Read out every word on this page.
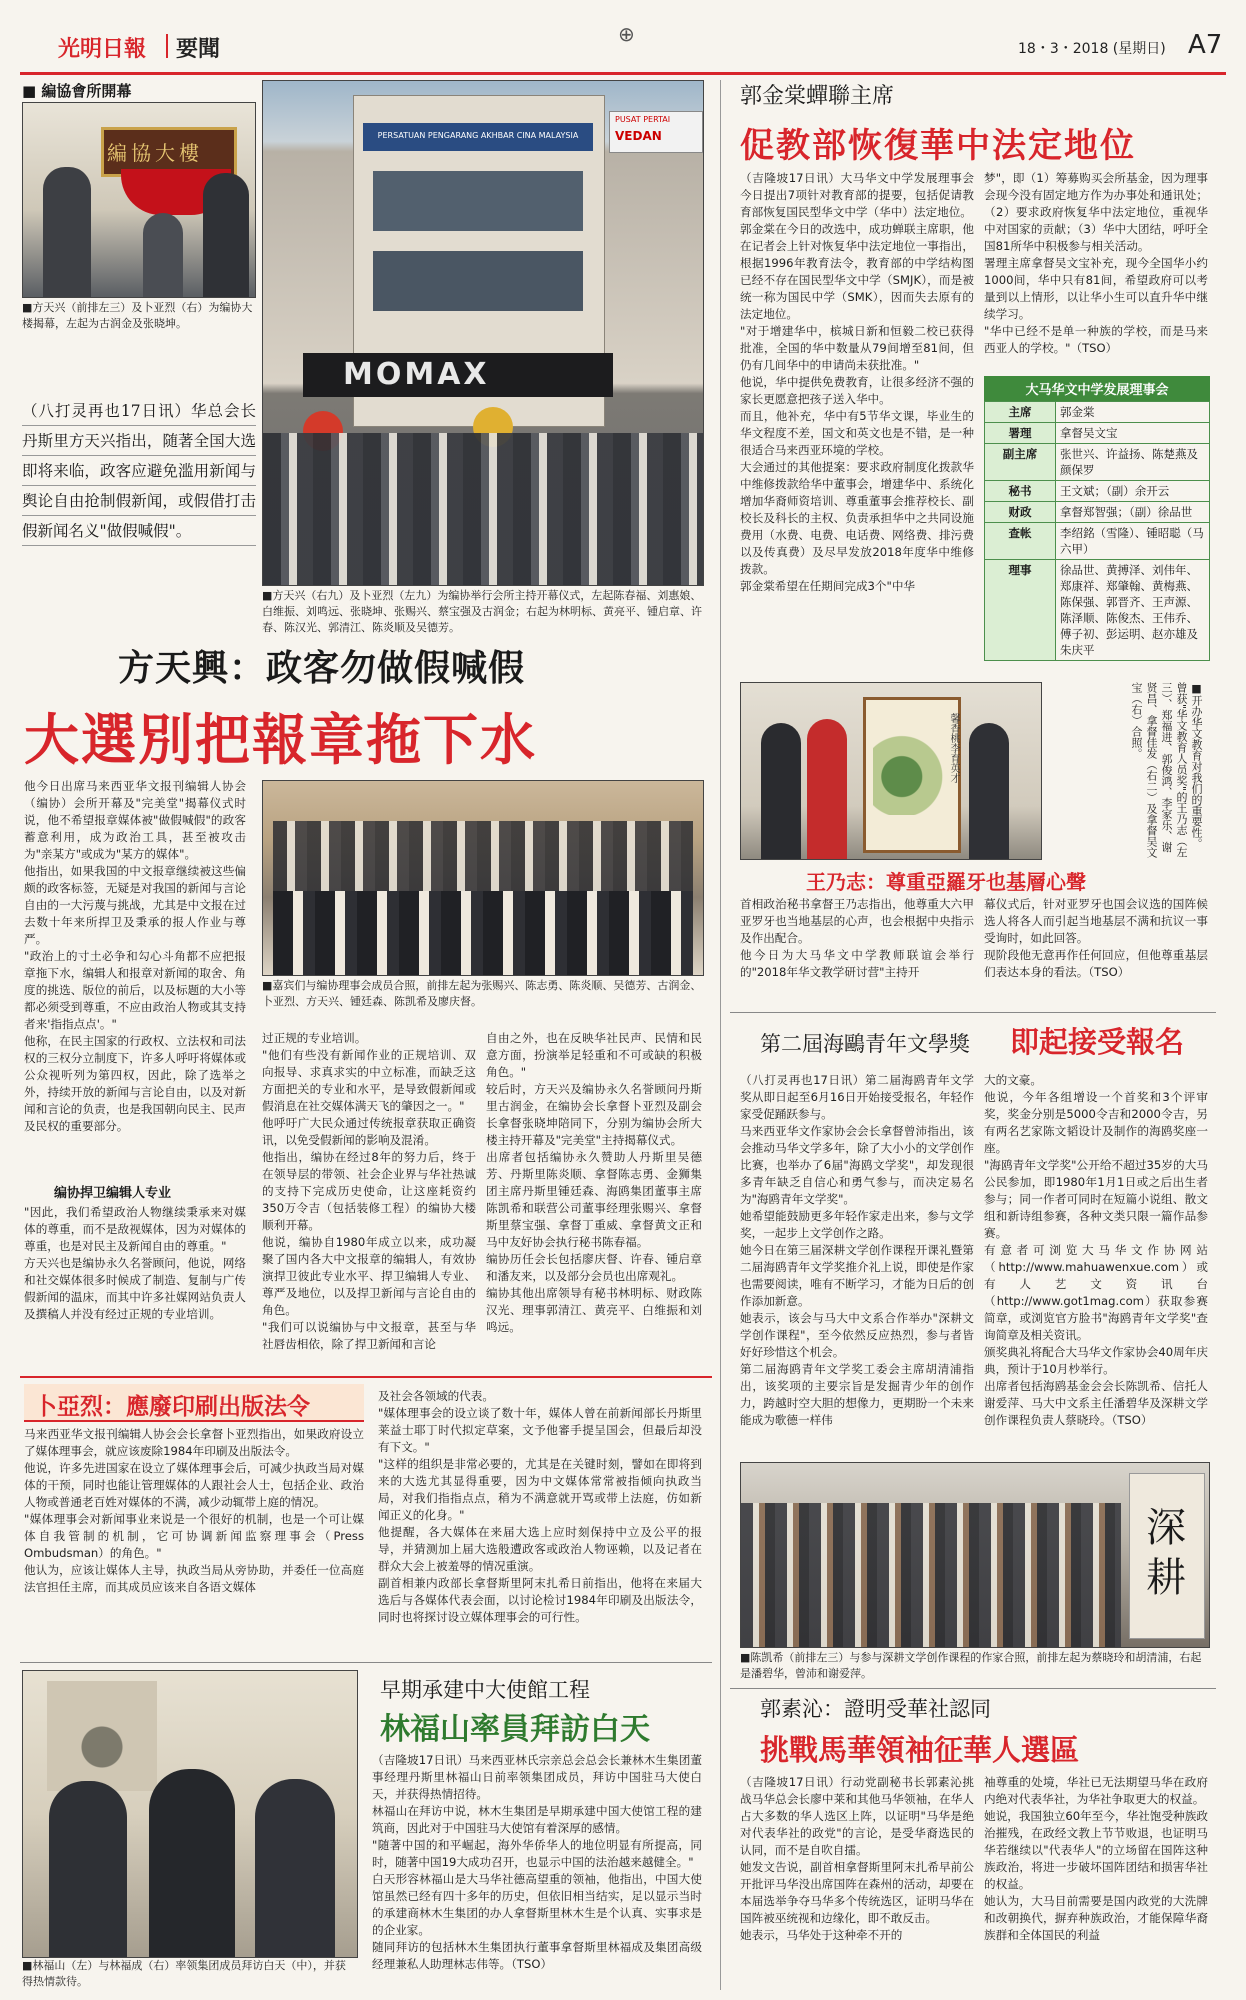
光明日報 要聞
⊕
18・3・2018 (星期日) A7
■ 編協會所開幕
編協大樓
■方天兴（前排左三）及卜亚烈（右）为编协大楼揭幕，左起为古润金及张晓坤。
PERSATUAN PENGARANG AKHBAR CINA MALAYSIA
PUSAT PERTAI
VEDAN
MOMAX
■方天兴（右九）及卜亚烈（左九）为编协举行会所主持开幕仪式，左起陈春福、刘惠娘、白维振、刘鸣远、张晓坤、张赐兴、蔡宝强及古润金；右起为林明标、黄亮平、锺启章、许春、陈汉光、郭清江、陈炎顺及吴德芳。
（八打灵再也17日讯）华总会长丹斯里方天兴指出，随著全国大选即将来临，政客应避免滥用新闻与舆论自由抢制假新闻，或假借打击假新闻名义"做假喊假"。
方天興：政客勿做假喊假
大選別把報章拖下水
他今日出席马来西亚华文报刊编辑人协会（编协）会所开幕及"完美堂"揭幕仪式时说，他不希望报章媒体被"做假喊假"的政客蓄意利用，成为政治工具，甚至被攻击为"亲某方"或成为"某方的媒体"。
他指出，如果我国的中文报章继续被这些偏颇的政客标签，无疑是对我国的新闻与言论自由的一大污蔑与挑战，尤其是中文报在过去数十年来所捍卫及秉承的报人作业与尊严。
"政治上的寸土必争和勾心斗角都不应把报章拖下水，编辑人和报章对新闻的取舍、角度的挑选、版位的前后，以及标题的大小等都必须受到尊重，不应由政治人物或其支持者来'指指点点'。"
他称，在民主国家的行政权、立法权和司法权的三权分立制度下，许多人呼吁将媒体或公众视听列为第四权，因此，除了选举之外，持续开放的新闻与言论自由，以及对新闻和言论的负责，也是我国朝向民主、民声及民权的重要部分。
编协捍卫编辑人专业
"因此，我们希望政治人物继续秉承来对媒体的尊重，而不是敌视媒体，因为对媒体的尊重，也是对民主及新闻自由的尊重。"
方天兴也是编协永久名誉顾问，他说，网络和社交媒体很多时候成了制造、复制与广传假新闻的温床，而其中许多社媒网站负责人及撰稿人并没有经过正规的专业培训。
■嘉宾们与编协理事会成员合照，前排左起为张赐兴、陈志勇、陈炎顺、吴德芳、古润金、卜亚烈、方天兴、锺廷森、陈凯希及廖庆督。
过正规的专业培训。
"他们有些没有新闻作业的正规培训、双向报导、求真求实的中立标准，而缺乏这方面把关的专业和水平，是导致假新闻或假消息在社交媒体满天飞的肇因之一。"
他呼吁广大民众通过传统报章获取正确资讯，以免受假新闻的影响及混淆。
他指出，编协在经过8年的努力后，终于在领导层的带领、社会企业界与华社热诚的支持下完成历史使命，让这座耗资约350万令吉（包括装修工程）的编协大楼顺利开幕。
他说，编协自1980年成立以来，成功凝聚了国内各大中文报章的编辑人，有效协演捍卫彼此专业水平、捍卫编辑人专业、尊严及地位，以及捍卫新闻与言论自由的角色。
"我们可以说编协与中文报章，甚至与华社唇齿相依，除了捍卫新闻和言论
自由之外，也在反映华社民声、民情和民意方面，扮演举足轻重和不可或缺的积极角色。"
较后时，方天兴及编协永久名誉顾问丹斯里古润金，在编协会长拿督卜亚烈及副会长拿督张晓坤陪同下，分别为编协会所大楼主持开幕及"完美堂"主持揭幕仪式。
出席者包括编协永久赞助人丹斯里吴德芳、丹斯里陈炎顺、拿督陈志勇、金狮集团主席丹斯里锺廷森、海鸥集团董事主席陈凯希和联营公司董事经理张赐兴、拿督斯里蔡宝强、拿督丁重威、拿督黄文正和马中友好协会执行秘书陈春福。
编协历任会长包括廖庆督、许春、锺启章和潘友来，以及部分会员也出席观礼。
编协其他出席领导有秘书林明标、财政陈汉光、理事郭清江、黄亮平、白维振和刘鸣远。
郭金棠蟬聯主席
促教部恢復華中法定地位
（吉隆坡17日讯）大马华文中学发展理事会今日提出7项针对教育部的提要，包括促请教育部恢复国民型华文中学（华中）法定地位。
郭金棠在今日的改选中，成功蝉联主席职，他在记者会上针对恢复华中法定地位一事指出，根据1996年教育法令，教育部的中学结构图已经不存在国民型华文中学（SMJK），而是被统一称为国民中学（SMK），因而失去原有的法定地位。
"对于增建华中，槟城日新和恒毅二校已获得批准，全国的华中数量从79间增至81间，但仍有几间华中的申请尚未获批准。"
他说，华中提供免费教育，让很多经济不强的家长更愿意把孩子送入华中。
而且，他补充，华中有5节华文课，毕业生的华文程度不差，国文和英文也是不错，是一种很适合马来西亚环境的学校。
大会通过的其他提案：要求政府制度化拨款华中维修拨款给华中董事会，增建华中、系统化增加华裔师资培训、尊重董事会推荐校长、副校长及科长的主权、负责承担华中之共同设施费用（水费、电费、电话费、网络费、排污费以及传真费）及尽早发放2018年度华中维修拨款。
郭金棠希望在任期间完成3个"中华
梦"，即（1）筹募购买会所基金，因为理事会现今没有固定地方作为办事处和通讯处；（2）要求政府恢复华中法定地位，重视华中对国家的贡献；（3）华中大团结，呼吁全国81所华中积极参与相关活动。
署理主席拿督吴文宝补充，现今全国华小约1000间，华中只有81间，希望政府可以考量到以上情形，以让华小生可以直升华中继续学习。
"华中已经不是单一种族的学校，而是马来西亚人的学校。"（TSO）
大马华文中学发展理事会
主席	郭金棠
署理	拿督吴文宝
副主席	张世兴、许益扬、陈楚燕及颜保罗
秘书	王文斌；（副）余开云
财政	拿督郑智强；（副）徐品世
查帐	李绍銘（雪隆）、锺昭聪（马六甲）
理事	徐品世、黄搏泽、刘伟年、郑康祥、郑肇翰、黄梅燕、陈保强、郭晋齐、王声源、陈泽顺、陈俊杰、王伟乔、傅子初、彭运明、赵亦雄及朱庆平
馨香桃李育英才	■开办华文教育对我们的重要性。曾获"华文教育人员奖"的王乃志（左三）、郑福进、郭俊鸿、李家乐、谢贤昌、拿督佳发（右二）及拿督吴文宝（右）合照。
王乃志：尊重亞羅牙也基層心聲
首相政治秘书拿督王乃志指出，他尊重大六甲亚罗牙也当地基层的心声，也会根据中央指示及作出配合。
他今日为大马华文中学教师联谊会举行的"2018年华文教学研讨营"主持开
幕仪式后，针对亚罗牙也国会议选的国阵候选人将各人而引起当地基层不满和抗议一事受询时，如此回答。
现阶段他无意再作任何回应，但他尊重基层们表达本身的看法。（TSO）
第二屆海鷗青年文學獎 即起接受報名
（八打灵再也17日讯）第二届海鸥青年文学奖从即日起至6月16日开始接受报名，年轻作家受促踊跃参与。
马来西亚华文作家协会会长拿督曾沛指出，该会推动马华文学多年，除了大小小的文学创作比赛，也举办了6届"海鸥文学奖"，却发现很多青年缺乏自信心和勇气参与，而决定易名为"海鸥青年文学奖"。
她希望能鼓励更多年轻作家走出来，参与文学奖，一起步上文学创作之路。
她今日在第三届深耕文学创作课程开课礼暨第二届海鸥青年文学奖推介礼上说，即使是作家也需要阅读，唯有不断学习，才能为日后的创作添加新意。
她表示，该会与马大中文系合作举办"深耕文学创作课程"，至今依然反应热烈，参与者皆好好珍惜这个机会。
第二届海鸥青年文学奖工委会主席胡清浦指出，该奖项的主要宗旨是发掘青少年的创作力，跨越时空大胆的想像力，更期盼一个未来能成为歌德一样伟
大的文豪。
他说，今年各组增设一个首奖和3个评审奖，奖金分别是5000令吉和2000令吉，另有两名艺家陈文韬设计及制作的海鸥奖座一座。
"海鸥青年文学奖"公开给不超过35岁的大马公民参加，即1980年1月1日或之后出生者参与；同一作者可同时在短篇小说组、散文组和新诗组参赛，各种文类只限一篇作品参赛。
有意者可浏览大马华文作协网站（http://www.mahuawenxue.com）或有人艺文资讯台（http://www.got1mag.com）获取参赛简章，或浏览官方脸书"海鸥青年文学奖"查询简章及相关资讯。
颁奖典礼将配合大马华文作家协会40周年庆典，预计于10月杪举行。
出席者包括海鸥基金会会长陈凯希、信托人谢爱萍、马大中文系主任潘碧华及深耕文学创作课程负责人蔡晓玲。（TSO）
深耕
■陈凯希（前排左三）与参与深耕文学创作课程的作家合照，前排左起为蔡晓玲和胡清浦，右起是潘碧华，曾沛和谢爱萍。
郭素沁：證明受華社認同
挑戰馬華領袖征華人選區
（吉隆坡17日讯）行动党副秘书长郭素沁挑战马华总会长廖中莱和其他马华领袖，在华人占大多数的华人选区上阵，以证明"马华是绝对代表华社的政党"的言论，是受华裔选民的认同，而不是自吹自擂。
她发文告说，副首相拿督斯里阿末扎希早前公开批评马华没出席国阵在森州的活动，却要在本届选举争夺马华多个传统选区，证明马华在国阵被巫统视和边缘化，即不敢反击。
她表示，马华处于这种牵不开的
袖尊重的处境，华社已无法期望马华在政府内绝对代表华社，为华社争取更大的权益。
她说，我国独立60年至今，华社饱受种族政治摧残，在政经文教上节节败退，也证明马华若继续以"代表华人"的立场留在国阵这种族政治，将进一步破坏国阵团结和损害华社的权益。
她认为，大马目前需要是国内政党的大洗牌和改朝换代，摒弃种族政治，才能保障华裔族群和全体国民的利益
卜亞烈：應廢印刷出版法令
马来西亚华文报刊编辑人协会会长拿督卜亚烈指出，如果政府设立了媒体理事会，就应该废除1984年印刷及出版法令。
他说，许多先进国家在设立了媒体理事会后，可减少执政当局对媒体的干预，同时也能让管理媒体的人跟社会人士，包括企业、政治人物或普通老百姓对媒体的不满，减少动辄带上庭的情况。
"媒体理事会对新闻事业来说是一个很好的机制，也是一个可让媒体自我管制的机制，它可协调新闻监察理事会（Press Ombudsman）的角色。"
他认为，应该让媒体人主导，执政当局从旁协助，并委任一位高庭法官担任主席，而其成员应该来自各语文媒体
及社会各领域的代表。
"媒体理事会的设立谈了数十年，媒体人曾在前新闻部长丹斯里莱益士耶丁时代拟定草案，文予他審手提呈国会，但最后却没有下文。"
"这样的组织是非常必要的，尤其是在关键时刻，譬如在即将到来的大选尤其显得重要，因为中文媒体常常被指倾向执政当局，对我们指指点点，稍为不满意就开骂或带上法庭，仿如新闻正义的化身。"
他提醒，各大媒体在来届大选上应时刻保持中立及公平的报导，并猜测加上届大选般遭政客或政治人物诬赖，以及记者在群众大会上被羞辱的情况重演。
副首相兼内政部长拿督斯里阿末扎希日前指出，他将在来届大选后与各媒体代表会面，以讨论检讨1984年印刷及出版法令，同时也将探讨设立媒体理事会的可行性。
■林福山（左）与林福成（右）率领集团成员拜访白天（中），并获得热情款待。
早期承建中大使館工程
林福山率員拜訪白天
（吉隆坡17日讯）马来西亚林氏宗亲总会总会长兼林木生集团董事经理丹斯里林福山日前率领集团成员，拜访中国驻马大使白天，并获得热情招待。
林福山在拜访中说，林木生集团是早期承建中国大使馆工程的建筑商，因此对于中国驻马大使馆有着深厚的感情。
"随著中国的和平崛起，海外华侨华人的地位明显有所提高，同时，随著中国19大成功召开，也显示中国的法治越来越健全。"
白天形容林福山是大马华社德高望重的领袖，他指出，中国大使馆虽然已经有四十多年的历史，但依旧相当结实，足以显示当时的承建商林木生集团的办人拿督斯里林木生是个认真、实事求是的企业家。
随同拜访的包括林木生集团执行董事拿督斯里林福成及集团高级经理兼私人助理林志伟等。（TSO）
